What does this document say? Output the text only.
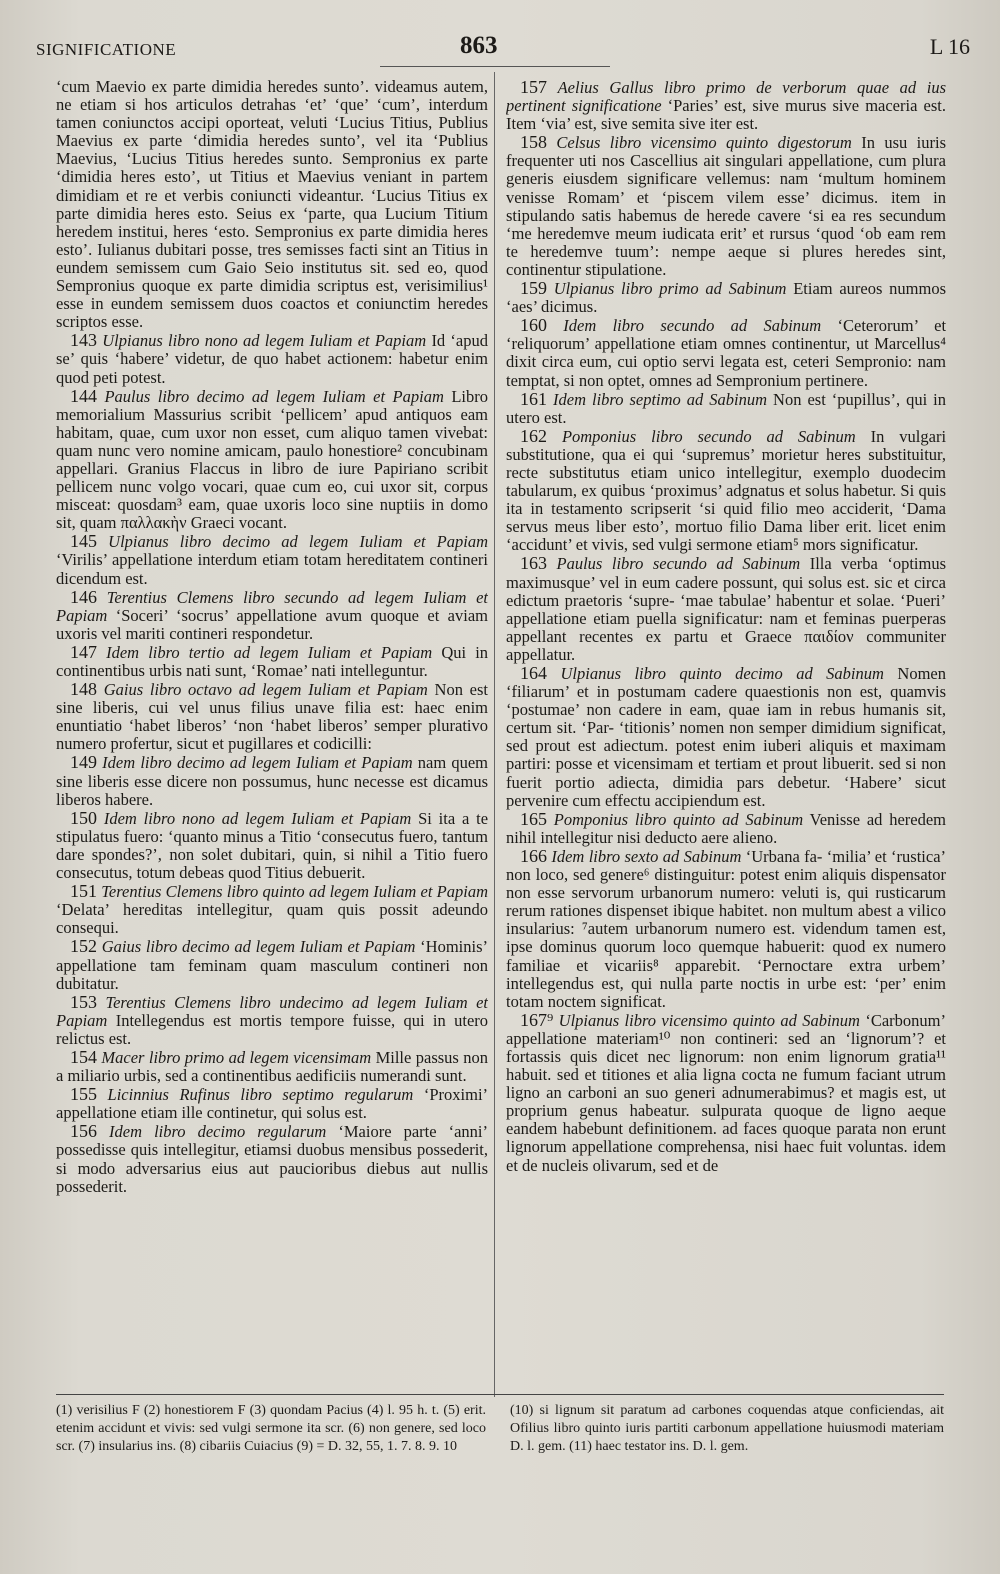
SIGNIFICATIONE	863	L 16

‘cum Maevio ex parte dimidia heredes sunto’. videamus autem, ne etiam si hos articulos detrahas ‘et’ ‘que’ ‘cum’, interdum tamen coniunctos accipi oporteat, veluti ‘Lucius Titius, Publius Maevius ex parte ‘dimidia heredes sunto’, vel ita ‘Publius Maevius, ‘Lucius Titius heredes sunto. Sempronius ex parte ‘dimidia heres esto’, ut Titius et Maevius veniant in partem dimidiam et re et verbis coniuncti videantur. ‘Lucius Titius ex parte dimidia heres esto. Seius ex ‘parte, qua Lucium Titium heredem institui, heres ‘esto. Sempronius ex parte dimidia heres esto’. Iulianus dubitari posse, tres semisses facti sint an Titius in eundem semissem cum Gaio Seio institutus sit. sed eo, quod Sempronius quoque ex parte dimidia scriptus est, verisimilius¹ esse in eundem semissem duos coactos et coniunctim heredes scriptos esse.

143 Ulpianus libro nono ad legem Iuliam et Papiam Id ‘apud se’ quis ‘habere’ videtur, de quo habet actionem: habetur enim quod peti potest.

144 Paulus libro decimo ad legem Iuliam et Papiam Libro memorialium Massurius scribit ‘pellicem’ apud antiquos eam habitam, quae, cum uxor non esset, cum aliquo tamen vivebat: quam nunc vero nomine amicam, paulo honestiore² concubinam appellari. Granius Flaccus in libro de iure Papiriano scribit pellicem nunc volgo vocari, quae cum eo, cui uxor sit, corpus misceat: quosdam³ eam, quae uxoris loco sine nuptiis in domo sit, quam παλλακὴν Graeci vocant.

145 Ulpianus libro decimo ad legem Iuliam et Papiam ‘Virilis’ appellatione interdum etiam totam hereditatem contineri dicendum est.

146 Terentius Clemens libro secundo ad legem Iuliam et Papiam ‘Soceri’ ‘socrus’ appellatione avum quoque et aviam uxoris vel mariti contineri respondetur.

147 Idem libro tertio ad legem Iuliam et Papiam Qui in continentibus urbis nati sunt, ‘Romae’ nati intelleguntur.

148 Gaius libro octavo ad legem Iuliam et Papiam Non est sine liberis, cui vel unus filius unave filia est: haec enim enuntiatio ‘habet liberos’ ‘non ‘habet liberos’ semper plurativo numero profertur, sicut et pugillares et codicilli:

149 Idem libro decimo ad legem Iuliam et Papiam nam quem sine liberis esse dicere non possumus, hunc necesse est dicamus liberos habere.

150 Idem libro nono ad legem Iuliam et Papiam Si ita a te stipulatus fuero: ‘quanto minus a Titio ‘consecutus fuero, tantum dare spondes?’, non solet dubitari, quin, si nihil a Titio fuero consecutus, totum debeas quod Titius debuerit.

151 Terentius Clemens libro quinto ad legem Iuliam et Papiam ‘Delata’ hereditas intellegitur, quam quis possit adeundo consequi.

152 Gaius libro decimo ad legem Iuliam et Papiam ‘Hominis’ appellatione tam feminam quam masculum contineri non dubitatur.

153 Terentius Clemens libro undecimo ad legem Iuliam et Papiam Intellegendus est mortis tempore fuisse, qui in utero relictus est.

154 Macer libro primo ad legem vicensimam Mille passus non a miliario urbis, sed a continentibus aedificiis numerandi sunt.

155 Licinnius Rufinus libro septimo regularum ‘Proximi’ appellatione etiam ille continetur, qui solus est.

156 Idem libro decimo regularum ‘Maiore parte ‘anni’ possedisse quis intellegitur, etiamsi duobus mensibus possederit, si modo adversarius eius aut paucioribus diebus aut nullis possederit.

157 Aelius Gallus libro primo de verborum quae ad ius pertinent significatione ‘Paries’ est, sive murus sive maceria est. Item ‘via’ est, sive semita sive iter est.

158 Celsus libro vicensimo quinto digestorum In usu iuris frequenter uti nos Cascellius ait singulari appellatione, cum plura generis eiusdem significare vellemus: nam ‘multum hominem venisse Romam’ et ‘piscem vilem esse’ dicimus. item in stipulando satis habemus de herede cavere ‘si ea res secundum ‘me heredemve meum iudicata erit’ et rursus ‘quod ‘ob eam rem te heredemve tuum’: nempe aeque si plures heredes sint, continentur stipulatione.

159 Ulpianus libro primo ad Sabinum Etiam aureos nummos ‘aes’ dicimus.

160 Idem libro secundo ad Sabinum ‘Ceterorum’ et ‘reliquorum’ appellatione etiam omnes continentur, ut Marcellus⁴ dixit circa eum, cui optio servi legata est, ceteri Sempronio: nam temptat, si non optet, omnes ad Sempronium pertinere.

161 Idem libro septimo ad Sabinum Non est ‘pupillus’, qui in utero est.

162 Pomponius libro secundo ad Sabinum In vulgari substitutione, qua ei qui ‘supremus’ morietur heres substituitur, recte substitutus etiam unico intellegitur, exemplo duodecim tabularum, ex quibus ‘proximus’ adgnatus et solus habetur. Si quis ita in testamento scripserit ‘si quid filio meo acciderit, ‘Dama servus meus liber esto’, mortuo filio Dama liber erit. licet enim ‘accidunt’ et vivis, sed vulgi sermone etiam⁵ mors significatur.

163 Paulus libro secundo ad Sabinum Illa verba ‘optimus maximusque’ vel in eum cadere possunt, qui solus est. sic et circa edictum praetoris ‘supre- ‘mae tabulae’ habentur et solae. ‘Pueri’ appellatione etiam puella significatur: nam et feminas puerperas appellant recentes ex partu et Graece παιδίον communiter appellatur.

164 Ulpianus libro quinto decimo ad Sabinum Nomen ‘filiarum’ et in postumam cadere quaestionis non est, quamvis ‘postumae’ non cadere in eam, quae iam in rebus humanis sit, certum sit. ‘Par- ‘titionis’ nomen non semper dimidium significat, sed prout est adiectum. potest enim iuberi aliquis et maximam partiri: posse et vicensimam et tertiam et prout libuerit. sed si non fuerit portio adiecta, dimidia pars debetur. ‘Habere’ sicut pervenire cum effectu accipiendum est.

165 Pomponius libro quinto ad Sabinum Venisse ad heredem nihil intellegitur nisi deducto aere alieno.

166 Idem libro sexto ad Sabinum ‘Urbana fa- ‘milia’ et ‘rustica’ non loco, sed genere⁶ distinguitur: potest enim aliquis dispensator non esse servorum urbanorum numero: veluti is, qui rusticarum rerum rationes dispenset ibique habitet. non multum abest a vilico insularius: ⁷autem urbanorum numero est. videndum tamen est, ipse dominus quorum loco quemque habuerit: quod ex numero familiae et vicariis⁸ apparebit. ‘Pernoctare extra urbem’ intellegendus est, qui nulla parte noctis in urbe est: ‘per’ enim totam noctem significat.

167⁹ Ulpianus libro vicensimo quinto ad Sabinum ‘Carbonum’ appellatione materiam¹⁰ non contineri: sed an ‘lignorum’? et fortassis quis dicet nec lignorum: non enim lignorum gratia¹¹ habuit. sed et titiones et alia ligna cocta ne fumum faciant utrum ligno an carboni an suo generi adnumerabimus? et magis est, ut proprium genus habeatur. sulpurata quoque de ligno aeque eandem habebunt definitionem. ad faces quoque parata non erunt lignorum appellatione comprehensa, nisi haec fuit voluntas. idem et de nucleis olivarum, sed et de

(1) verisilius F (2) honestiorem F (3) quondam Pacius (4) l. 95 h. t. (5) erit. etenim accidunt et vivis: sed vulgi sermone ita scr. (6) non genere, sed loco scr. (7) insularius ins. (8) cibariis Cuiacius (9) = D. 32, 55, 1. 7. 8. 9. 10

(10) si lignum sit paratum ad carbones coquendas atque conficiendas, ait Ofilius libro quinto iuris partiti carbonum appellatione huiusmodi materiam D. l. gem. (11) haec testator ins. D. l. gem.
